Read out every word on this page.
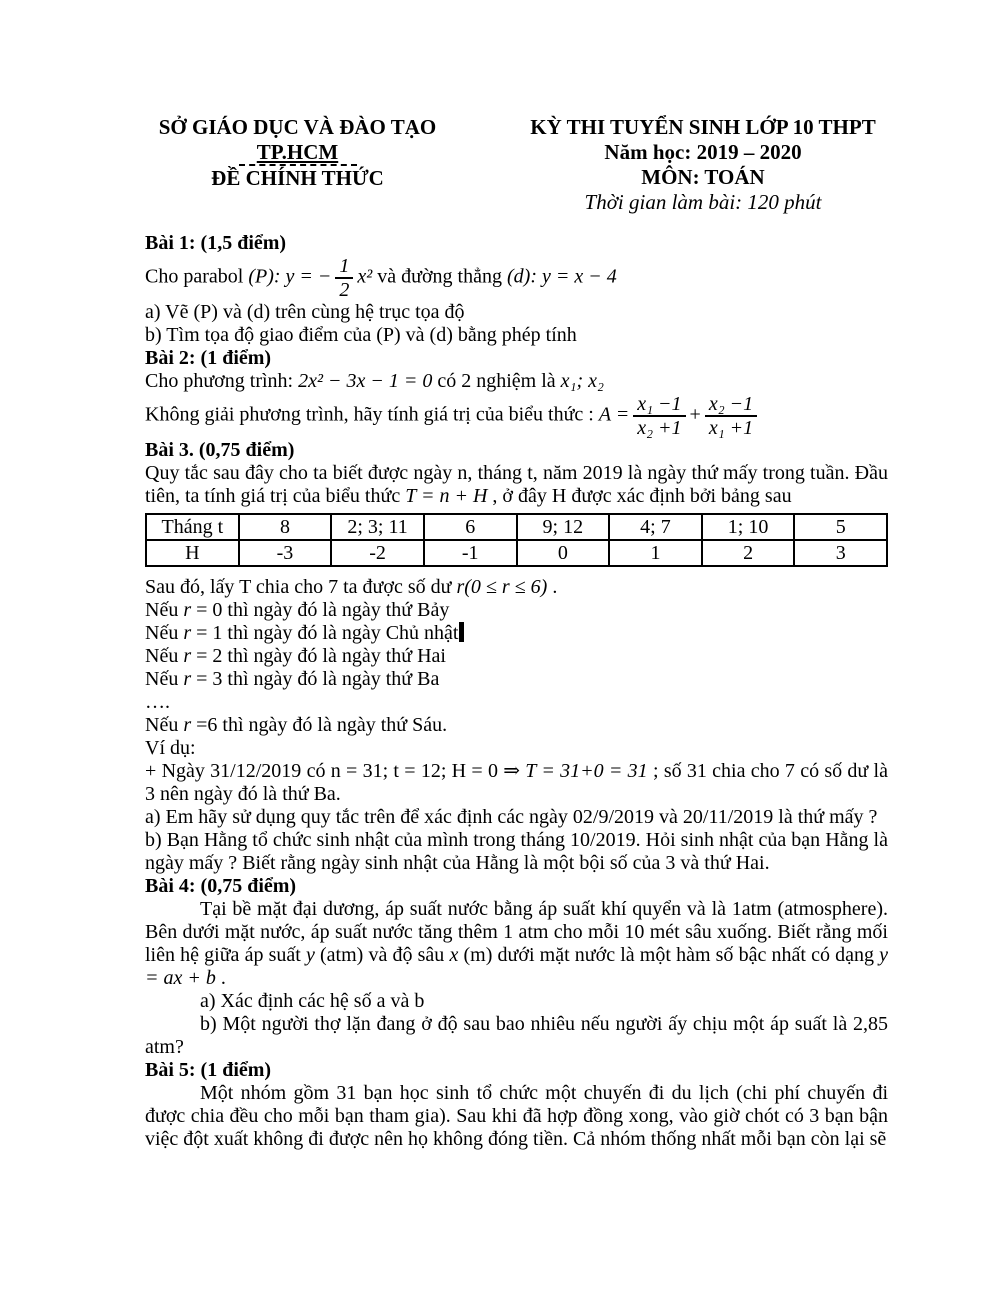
SỞ GIÁO DỤC VÀ ĐÀO TẠO
TP.HCM
ĐỀ CHÍNH THỨC
KỲ THI TUYỂN SINH LỚP 10 THPT
Năm học: 2019 – 2020
MÔN: TOÁN
Thời gian làm bài: 120 phút
Bài 1: (1,5 điểm)
Cho parabol (P): y = − $\frac{1}{2} x^2$ và đường thẳng (d): y = x − 4
a) Vẽ (P) và (d) trên cùng hệ trục tọa độ
b) Tìm tọa độ giao điểm của (P) và (d) bằng phép tính
Bài 2: (1 điểm)
Cho phương trình: 2x² − 3x − 1 = 0 có 2 nghiệm là x₁; x₂
Không giải phương trình, hãy tính giá trị của biểu thức : $A = \frac{\text{x₁ −1}}{\text{x₂ +1}} + \frac{\text{x₂ −1}}{\text{x₁ +1}}$
Bài 3. (0,75 điểm)
Quy tắc sau đây cho ta biết được ngày n, tháng t, năm 2019 là ngày thứ mấy trong tuần. Đầu tiên, ta tính giá trị của biểu thức T = n + H , ở đây H được xác định bởi bảng sau
Tháng t	8	2; 3; 11	6	9; 12	4; 7	1; 10	5
H	-3	-2	-1	0	1	2	3
Sau đó, lấy T chia cho 7 ta được số dư r(0 ≤ r ≤ 6) .
Nếu r = 0 thì ngày đó là ngày thứ Bảy
Nếu r = 1 thì ngày đó là ngày Chủ nhật
Nếu r = 2 thì ngày đó là ngày thứ Hai
Nếu r = 3 thì ngày đó là ngày thứ Ba
….
Nếu r =6 thì ngày đó là ngày thứ Sáu.
Ví dụ:
+ Ngày 31/12/2019 có n = 31; t = 12; H = 0 ⇒ T = 31+0 = 31 ; số 31 chia cho 7 có số dư là 3 nên ngày đó là thứ Ba.
a) Em hãy sử dụng quy tắc trên để xác định các ngày 02/9/2019 và 20/11/2019 là thứ mấy ?
b) Bạn Hằng tổ chức sinh nhật của mình trong tháng 10/2019. Hỏi sinh nhật của bạn Hằng là ngày mấy ? Biết rằng ngày sinh nhật của Hằng là một bội số của 3 và thứ Hai.
Bài 4: (0,75 điểm)
Tại bề mặt đại dương, áp suất nước bằng áp suất khí quyển và là 1atm (atmosphere). Bên dưới mặt nước, áp suất nước tăng thêm 1 atm cho mỗi 10 mét sâu xuống. Biết rằng mối liên hệ giữa áp suất y (atm) và độ sâu x (m) dưới mặt nước là một hàm số bậc nhất có dạng y = ax + b .
a) Xác định các hệ số a và b
b) Một người thợ lặn đang ở độ sau bao nhiêu nếu người ấy chịu một áp suất là 2,85 atm?
Bài 5: (1 điểm)
Một nhóm gồm 31 bạn học sinh tổ chức một chuyến đi du lịch (chi phí chuyến đi được chia đều cho mỗi bạn tham gia). Sau khi đã hợp đồng xong, vào giờ chót có 3 bạn bận việc đột xuất không đi được nên họ không đóng tiền. Cả nhóm thống nhất mỗi bạn còn lại sẽ
